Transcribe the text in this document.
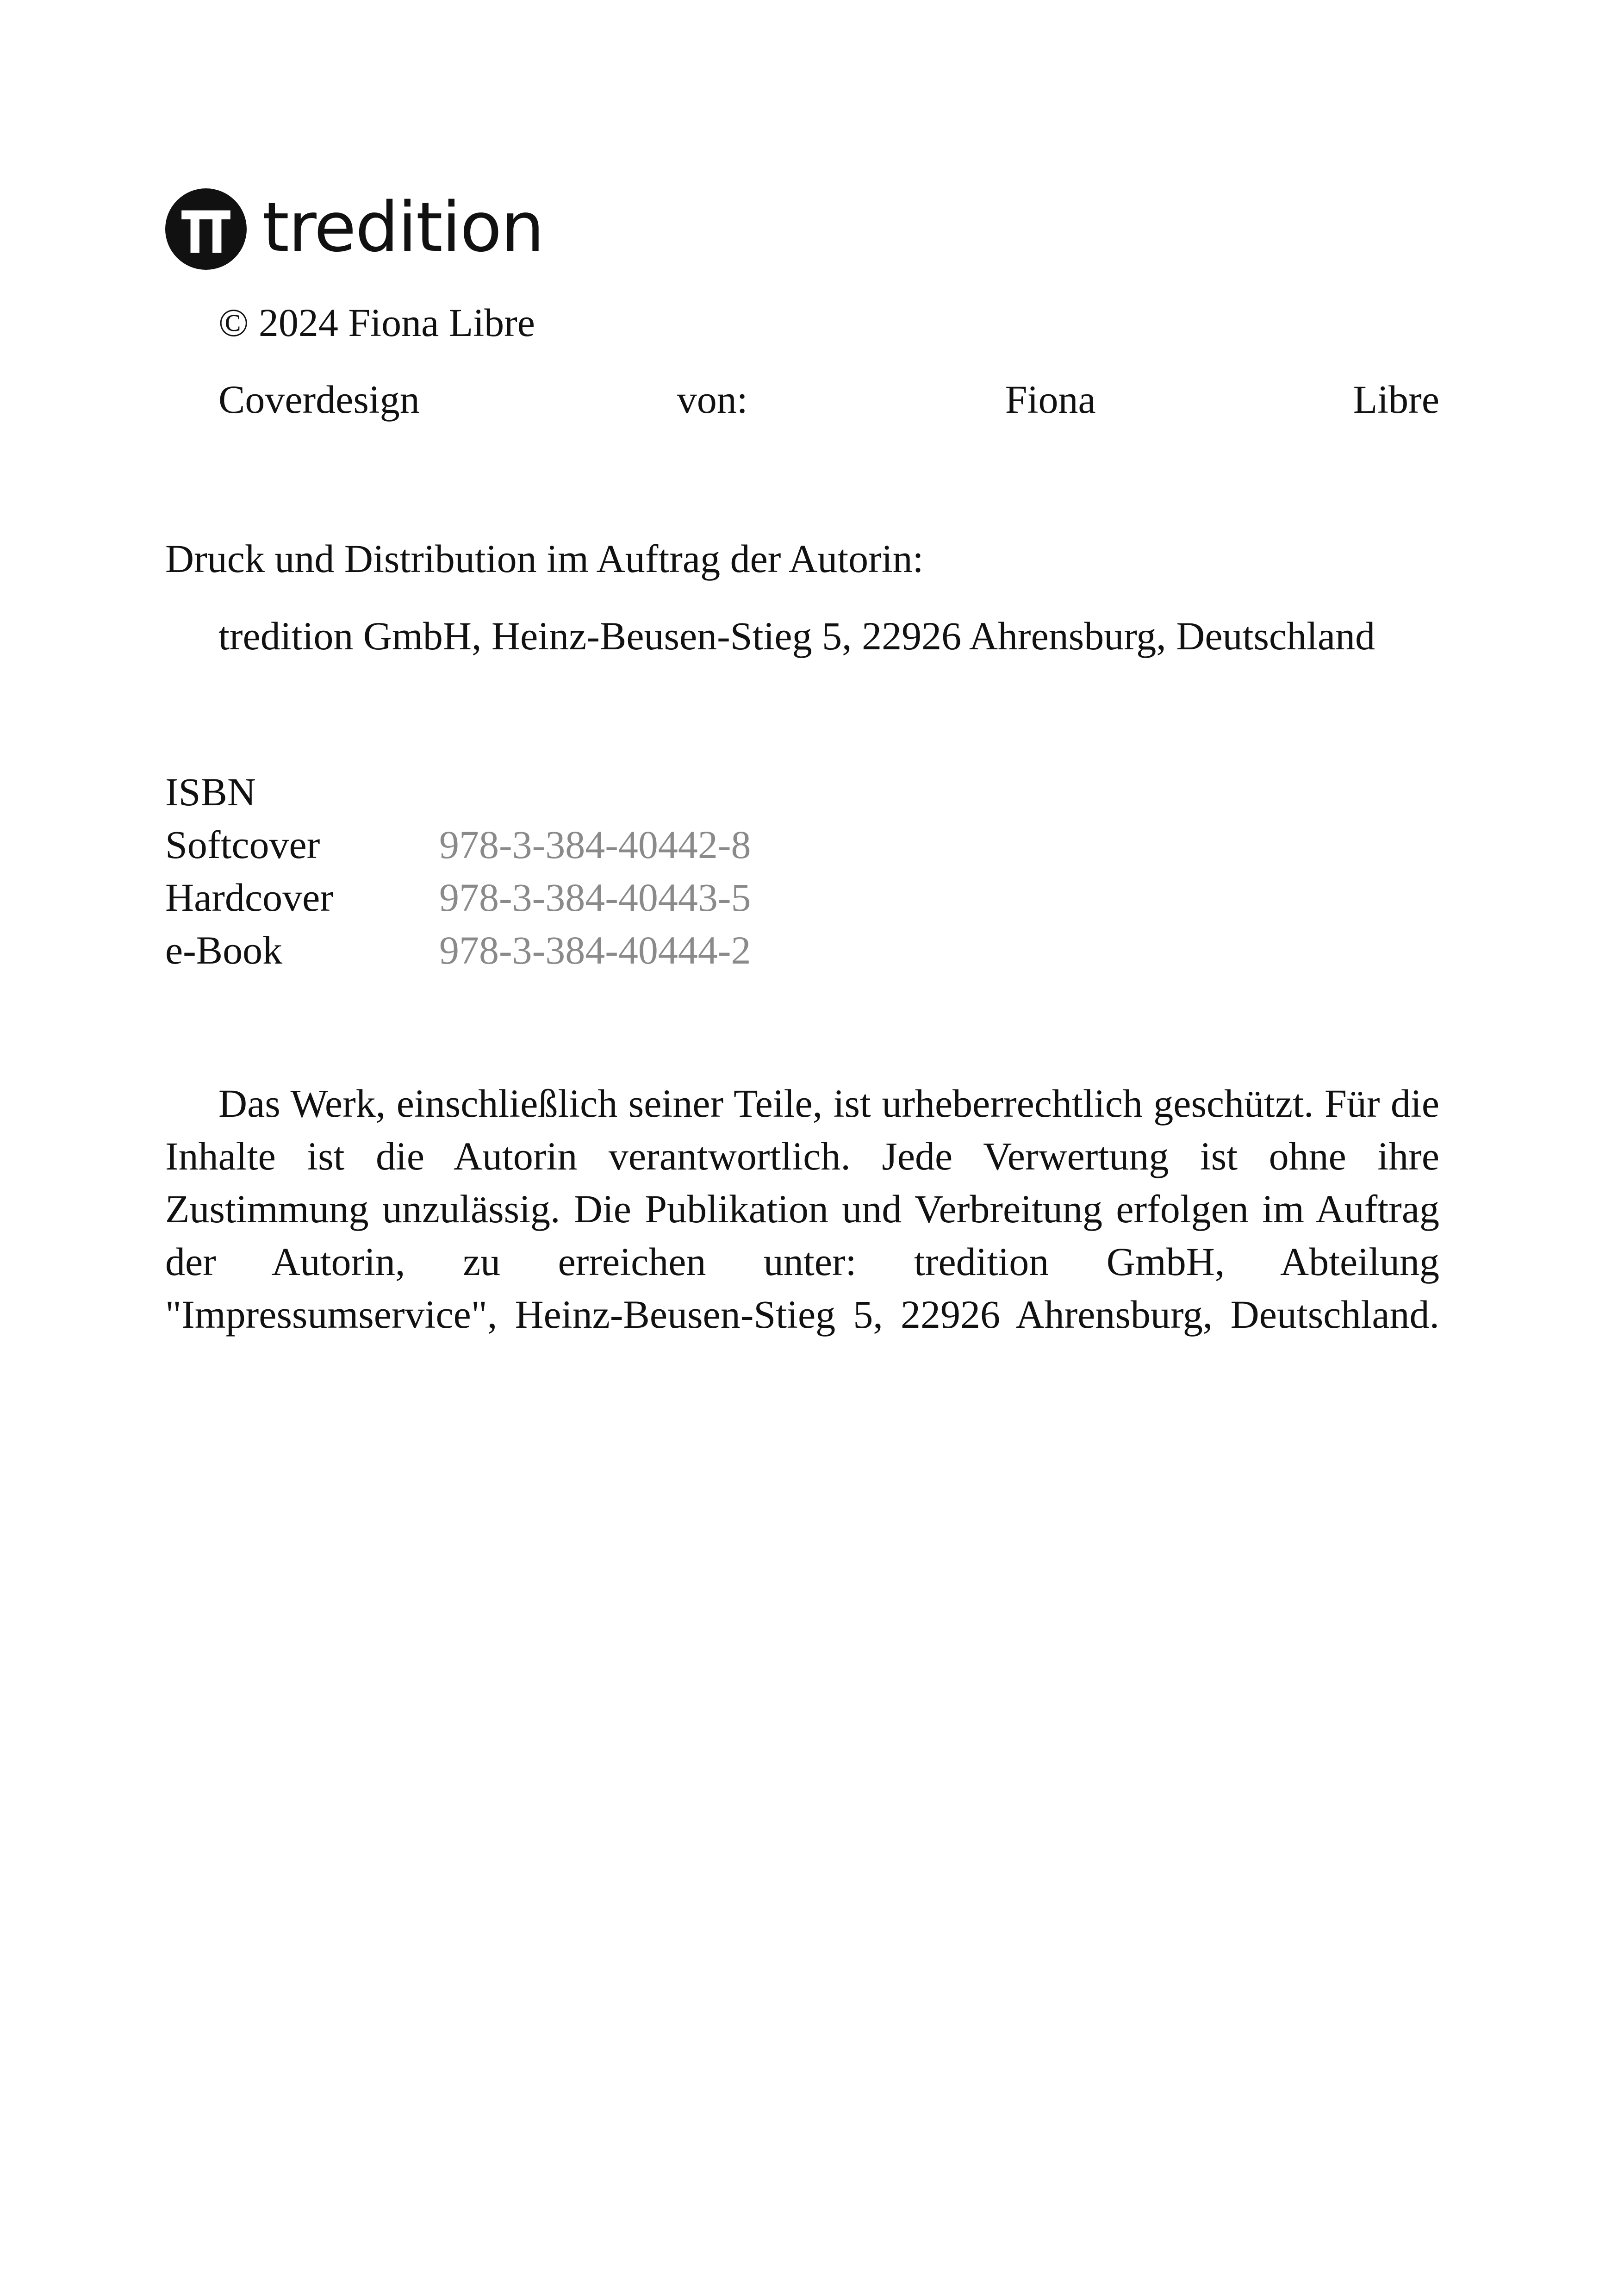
tredition
© 2024 Fiona Libre
Coverdesign	von:	Fiona	Libre
Druck und Distribution im Auftrag der Autorin:
tredition GmbH, Heinz-Beusen-Stieg 5, 22926 Ahrensburg, Deutschland
ISBN
Softcover	978-3-384-40442-8
Hardcover	978-3-384-40443-5
e-Book	978-3-384-40444-2
Das Werk, einschließlich seiner Teile, ist urheberrechtlich geschützt. Für die Inhalte ist die Autorin verantwortlich. Jede Verwertung ist ohne ihre Zustimmung unzulässig. Die Publikation und Verbreitung erfolgen im Auftrag der Autorin, zu erreichen unter: tredition GmbH, Abteilung "Impressumservice", Heinz-Beusen-Stieg 5, 22926 Ahrensburg, Deutschland.
